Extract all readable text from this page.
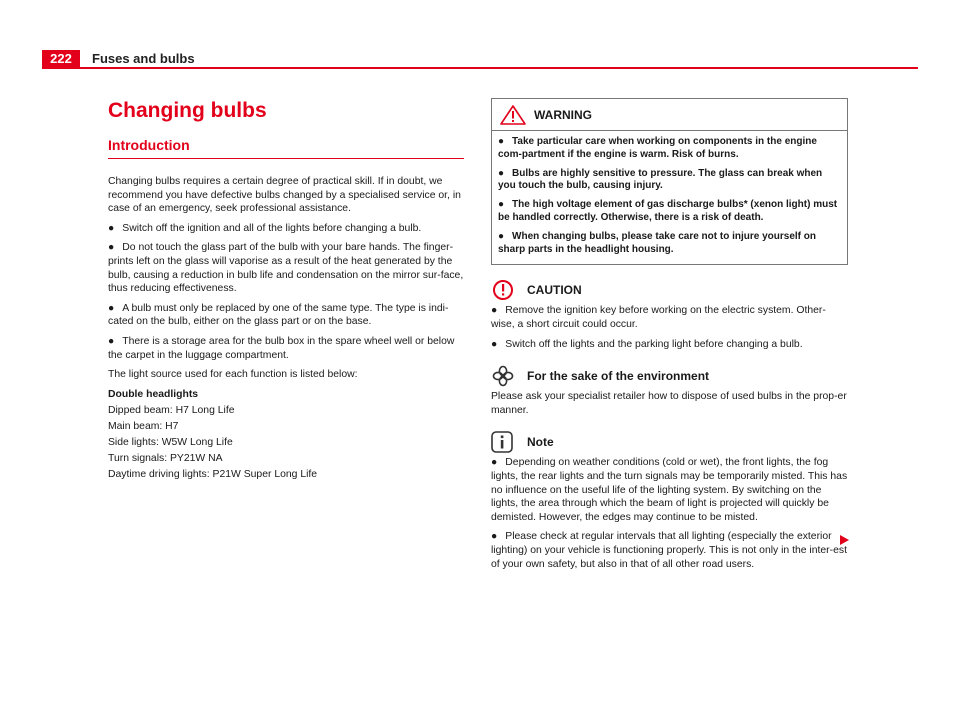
222	Fuses and bulbs
Changing bulbs
Introduction

Changing bulbs requires a certain degree of practical skill. If in doubt, we recommend you have defective bulbs changed by a specialised service or, in case of an emergency, seek professional assistance.

● Switch off the ignition and all of the lights before changing a bulb.

● Do not touch the glass part of the bulb with your bare hands. The finger-prints left on the glass will vaporise as a result of the heat generated by the bulb, causing a reduction in bulb life and condensation on the mirror sur-face, thus reducing effectiveness.

● A bulb must only be replaced by one of the same type. The type is indi-cated on the bulb, either on the glass part or on the base.

● There is a storage area for the bulb box in the spare wheel well or below the carpet in the luggage compartment.

The light source used for each function is listed below:

Double headlights

Dipped beam: H7 Long Life

Main beam: H7

Side lights: W5W Long Life

Turn signals: PY21W NA

Daytime driving lights: P21W Super Long Life

WARNING

● Take particular care when working on components in the engine com-partment if the engine is warm. Risk of burns.

● Bulbs are highly sensitive to pressure. The glass can break when you touch the bulb, causing injury.

● The high voltage element of gas discharge bulbs* (xenon light) must be handled correctly. Otherwise, there is a risk of death.

● When changing bulbs, please take care not to injure yourself on sharp parts in the headlight housing.

CAUTION

● Remove the ignition key before working on the electric system. Other-wise, a short circuit could occur.

● Switch off the lights and the parking light before changing a bulb.

For the sake of the environment

Please ask your specialist retailer how to dispose of used bulbs in the prop-er manner.

Note

● Depending on weather conditions (cold or wet), the front lights, the fog lights, the rear lights and the turn signals may be temporarily misted. This has no influence on the useful life of the lighting system. By switching on the lights, the area through which the beam of light is projected will quickly be demisted. However, the edges may continue to be misted.

● Please check at regular intervals that all lighting (especially the exterior lighting) on your vehicle is functioning properly. This is not only in the inter-est of your own safety, but also in that of all other road users.
